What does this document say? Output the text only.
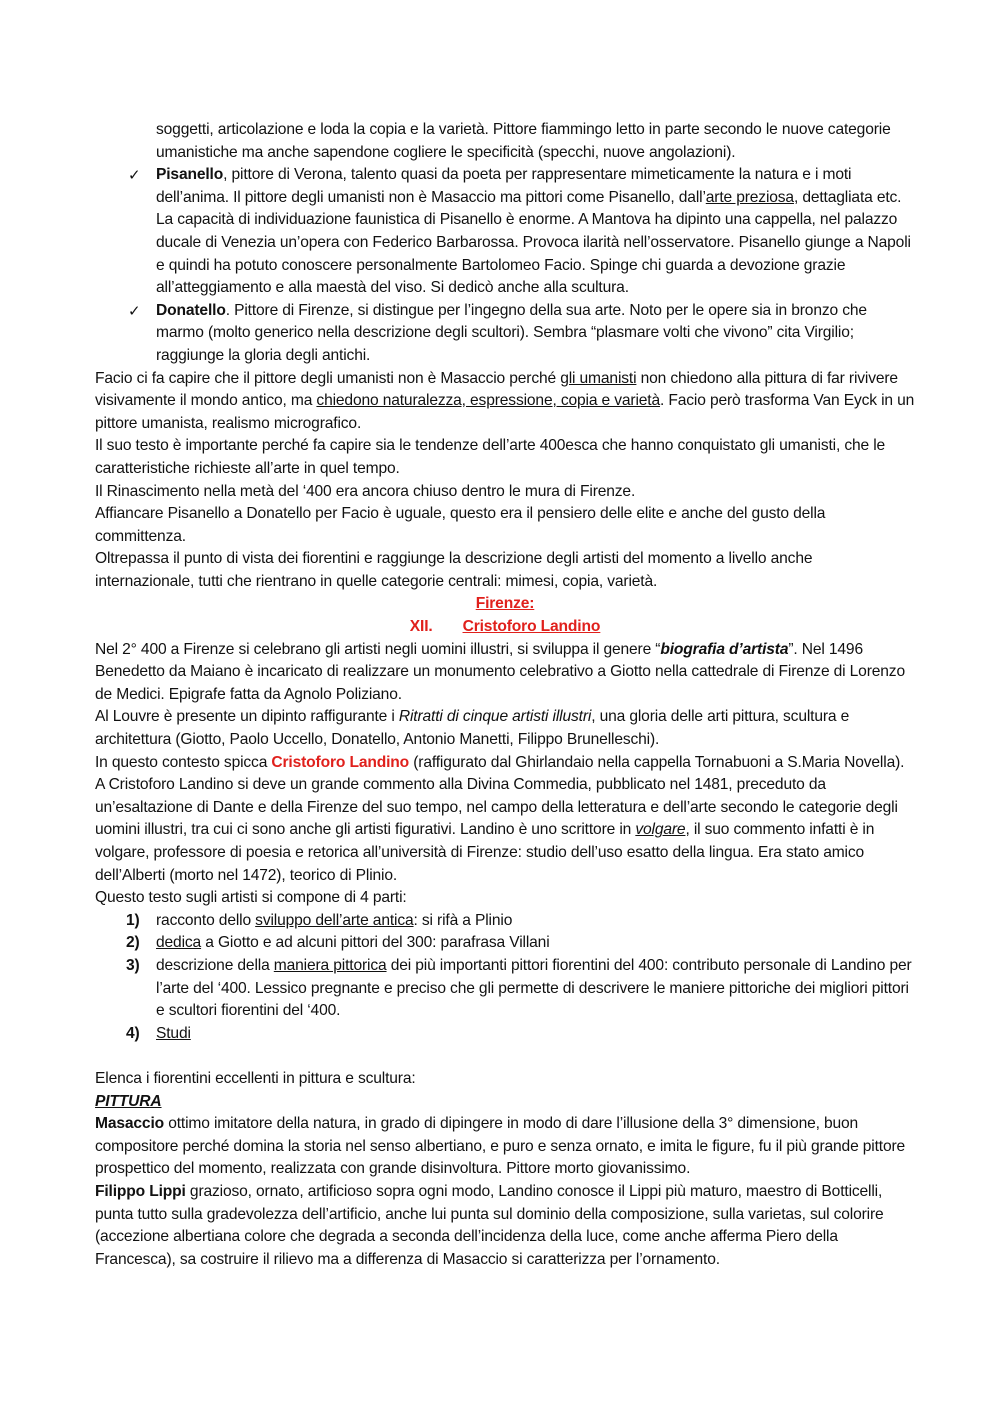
soggetti, articolazione e loda la copia e la varietà. Pittore fiammingo letto in parte secondo le nuove categorie umanistiche ma anche sapendone cogliere le specificità (specchi, nuove angolazioni).

✓ Pisanello, pittore di Verona, talento quasi da poeta per rappresentare mimeticamente la natura e i moti dell’anima. Il pittore degli umanisti non è Masaccio ma pittori come Pisanello, dall’arte preziosa, dettagliata etc. La capacità di individuazione faunistica di Pisanello è enorme. A Mantova ha dipinto una cappella, nel palazzo ducale di Venezia un’opera con Federico Barbarossa. Provoca ilarità nell’osservatore. Pisanello giunge a Napoli e quindi ha potuto conoscere personalmente Bartolomeo Facio. Spinge chi guarda a devozione grazie all’atteggiamento e alla maestà del viso. Si dedicò anche alla scultura.

✓ Donatello. Pittore di Firenze, si distingue per l’ingegno della sua arte. Noto per le opere sia in bronzo che marmo (molto generico nella descrizione degli scultori). Sembra “plasmare volti che vivono” cita Virgilio; raggiunge la gloria degli antichi.

Facio ci fa capire che il pittore degli umanisti non è Masaccio perché gli umanisti non chiedono alla pittura di far rivivere visivamente il mondo antico, ma chiedono naturalezza, espressione, copia e varietà. Facio però trasforma Van Eyck in un pittore umanista, realismo micrografico.

Il suo testo è importante perché fa capire sia le tendenze dell’arte 400esca che hanno conquistato gli umanisti, che le caratteristiche richieste all’arte in quel tempo.

Il Rinascimento nella metà del ‘400 era ancora chiuso dentro le mura di Firenze.

Affiancare Pisanello a Donatello per Facio è uguale, questo era il pensiero delle elite e anche del gusto della committenza.

Oltrepassa il punto di vista dei fiorentini e raggiunge la descrizione degli artisti del momento a livello anche internazionale, tutti che rientrano in quelle categorie centrali: mimesi, copia, varietà.

Firenze:

XII. Cristoforo Landino

Nel 2° 400 a Firenze si celebrano gli artisti negli uomini illustri, si sviluppa il genere “biografia d’artista”. Nel 1496 Benedetto da Maiano è incaricato di realizzare un monumento celebrativo a Giotto nella cattedrale di Firenze di Lorenzo de Medici. Epigrafe fatta da Agnolo Poliziano.

Al Louvre è presente un dipinto raffigurante i Ritratti di cinque artisti illustri, una gloria delle arti pittura, scultura e architettura (Giotto, Paolo Uccello, Donatello, Antonio Manetti, Filippo Brunelleschi).

In questo contesto spicca Cristoforo Landino (raffigurato dal Ghirlandaio nella cappella Tornabuoni a S.Maria Novella). A Cristoforo Landino si deve un grande commento alla Divina Commedia, pubblicato nel 1481, preceduto da un’esaltazione di Dante e della Firenze del suo tempo, nel campo della letteratura e dell’arte secondo le categorie degli uomini illustri, tra cui ci sono anche gli artisti figurativi. Landino è uno scrittore in volgare, il suo commento infatti è in volgare, professore di poesia e retorica all’università di Firenze: studio dell’uso esatto della lingua. Era stato amico dell’Alberti (morto nel 1472), teorico di Plinio.

Questo testo sugli artisti si compone di 4 parti:

1) racconto dello sviluppo dell’arte antica: si rifà a Plinio

2) dedica a Giotto e ad alcuni pittori del 300: parafrasa Villani

3) descrizione della maniera pittorica dei più importanti pittori fiorentini del 400: contributo personale di Landino per l’arte del ‘400. Lessico pregnante e preciso che gli permette di descrivere le maniere pittoriche dei migliori pittori e scultori fiorentini del ‘400.

4) Studi

Elenca i fiorentini eccellenti in pittura e scultura:

PITTURA

Masaccio ottimo imitatore della natura, in grado di dipingere in modo di dare l’illusione della 3° dimensione, buon compositore perché domina la storia nel senso albertiano, e puro e senza ornato, e imita le figure, fu il più grande pittore prospettico del momento, realizzata con grande disinvoltura. Pittore morto giovanissimo.

Filippo Lippi grazioso, ornato, artificioso sopra ogni modo, Landino conosce il Lippi più maturo, maestro di Botticelli, punta tutto sulla gradevolezza dell’artificio, anche lui punta sul dominio della composizione, sulla varietas, sul colorire (accezione albertiana colore che degrada a seconda dell’incidenza della luce, come anche afferma Piero della Francesca), sa costruire il rilievo ma a differenza di Masaccio si caratterizza per l’ornamento.
